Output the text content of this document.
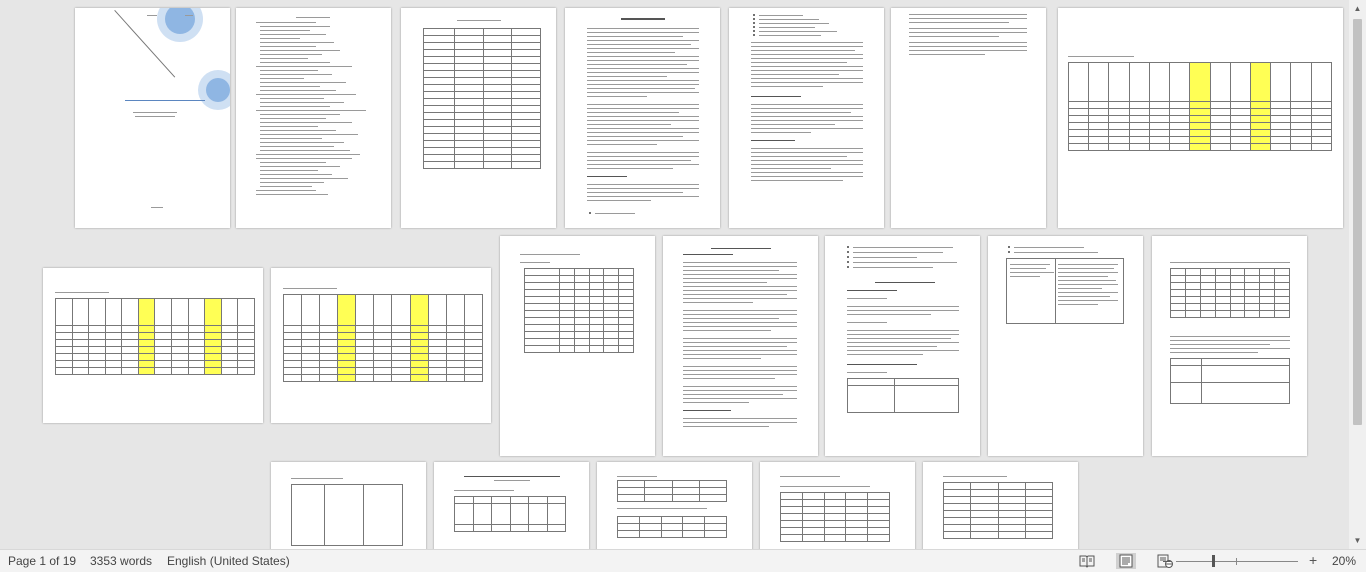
▲
▼
Page 1 of 19 3353 words English (United States)	–	+ 20%
